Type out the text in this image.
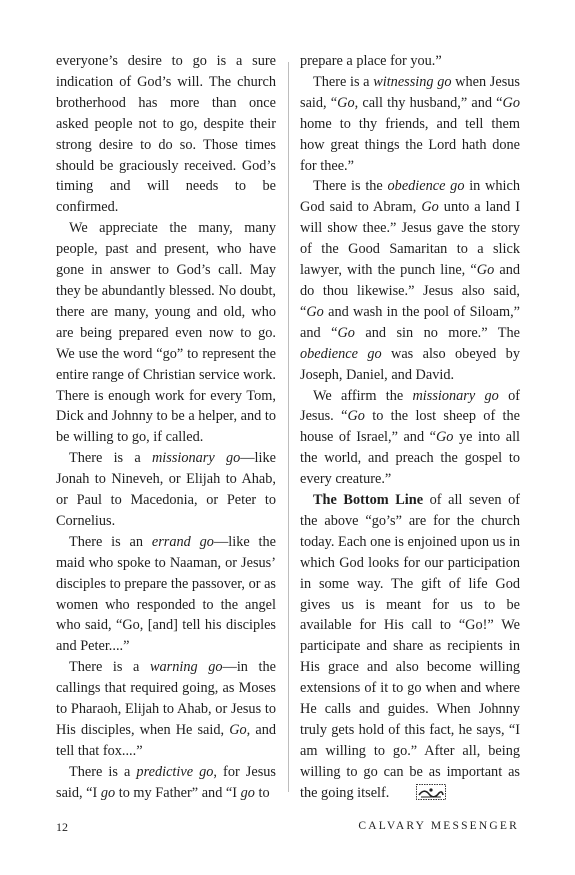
everyone’s desire to go is a sure indication of God’s will. The church brotherhood has more than once asked people not to go, despite their strong desire to do so. Those times should be graciously received. God’s timing and will needs to be confirmed.

We appreciate the many, many people, past and present, who have gone in answer to God’s call. May they be abundantly blessed. No doubt, there are many, young and old, who are being prepared even now to go. We use the word “go” to represent the entire range of Christian service work. There is enough work for every Tom, Dick and Johnny to be a helper, and to be willing to go, if called.

There is a missionary go—like Jonah to Nineveh, or Elijah to Ahab, or Paul to Macedonia, or Peter to Cornelius.

There is an errand go—like the maid who spoke to Naaman, or Jesus’ disciples to prepare the passover, or as women who responded to the angel who said, “Go, [and] tell his disciples and Peter....”

There is a warning go—in the callings that required going, as Moses to Pharaoh, Elijah to Ahab, or Jesus to His disciples, when He said, Go, and tell that fox....”

There is a predictive go, for Jesus said, “I go to my Father” and “I go to

prepare a place for you.”

There is a witnessing go when Jesus said, “Go, call thy husband,” and “Go home to thy friends, and tell them how great things the Lord hath done for thee.”

There is the obedience go in which God said to Abram, Go unto a land I will show thee.” Jesus gave the story of the Good Samaritan to a slick lawyer, with the punch line, “Go and do thou likewise.” Jesus also said, “Go and wash in the pool of Siloam,” and “Go and sin no more.” The obedience go was also obeyed by Joseph, Daniel, and David.

We affirm the missionary go of Jesus. “Go to the lost sheep of the house of Israel,” and “Go ye into all the world, and preach the gospel to every creature.”

The Bottom Line of all seven of the above “go’s” are for the church today. Each one is enjoined upon us in which God looks for our participation in some way. The gift of life God gives us is meant for us to be available for His call to “Go!” We participate and share as recipients in His grace and also become willing extensions of it to go when and where He calls and guides. When Johnny truly gets hold of this fact, he says, “I am willing to go.” After all, being willing to go can be as important as the going itself.

12	CALVARY MESSENGER
